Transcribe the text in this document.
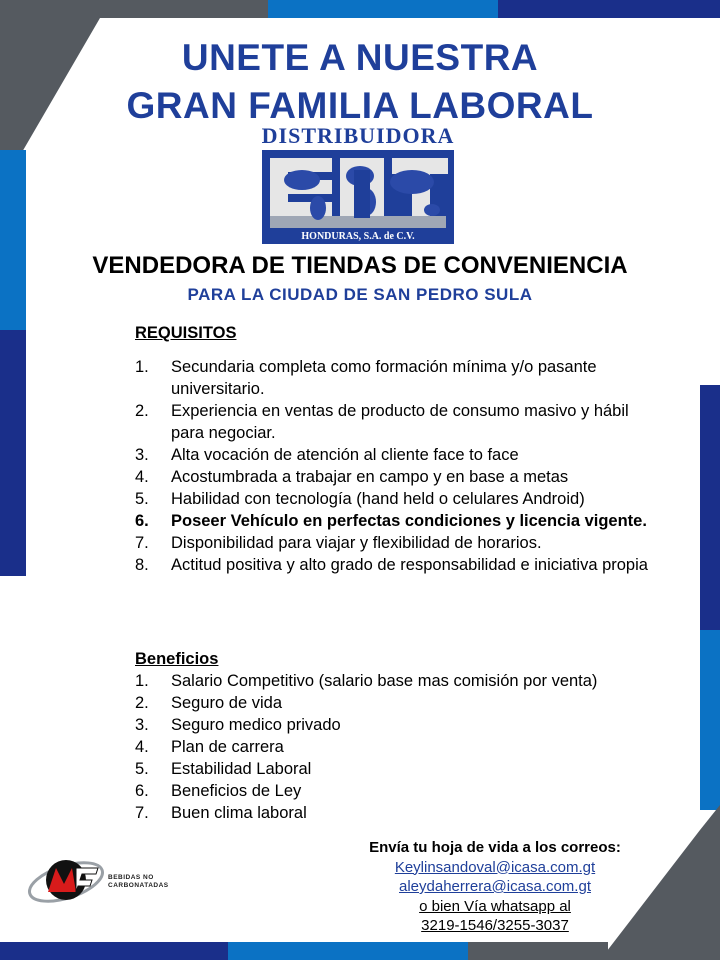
UNETE A NUESTRA
GRAN FAMILIA LABORAL
DISTRIBUIDORA
HONDURAS, S.A. de C.V.
VENDEDORA DE TIENDAS DE CONVENIENCIA
PARA LA CIUDAD DE SAN PEDRO SULA
REQUISITOS
1. Secundaria completa como formación mínima y/o pasante universitario.
2. Experiencia en ventas de producto de consumo masivo y hábil para negociar.
3. Alta vocación de atención al cliente face to face
4. Acostumbrada a trabajar en campo y en base a metas
5. Habilidad con tecnología (hand held o celulares Android)
6. Poseer Vehículo en perfectas condiciones y licencia vigente.
7. Disponibilidad para viajar y flexibilidad de horarios.
8. Actitud positiva y alto grado de responsabilidad e iniciativa propia
Beneficios
1. Salario Competitivo (salario base mas comisión por venta)
2. Seguro de vida
3. Seguro medico privado
4. Plan de carrera
5. Estabilidad Laboral
6. Beneficios de Ley
7. Buen clima laboral
Envía tu hoja de vida a los correos:
Keylinsandoval@icasa.com.gt
aleydaherrera@icasa.com.gt
o bien Vía whatsapp al
3219-1546/3255-3037
BEBIDAS NO
CARBONATADAS
